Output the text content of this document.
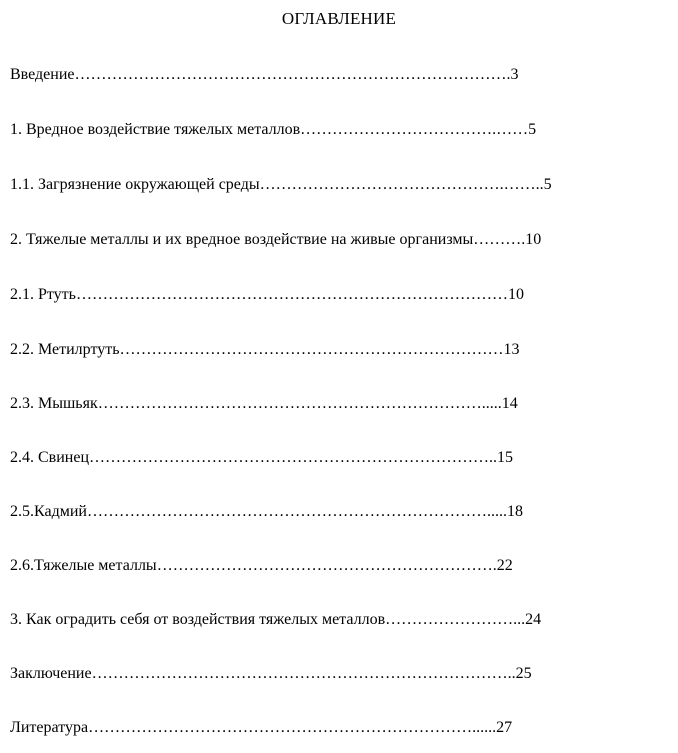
ОГЛАВЛЕНИЕ
Введение……………………………………………………………………….3
1. Вредное воздействие тяжелых металлов……………………………….……5
1.1. Загрязнение окружающей среды……………………………………….……..5
2. Тяжелые металлы и их вредное воздействие на живые организмы……….10
2.1. Ртуть………………………………………………………………………10
2.2. Метилртуть………………………………………………………………13
2.3. Мышьяк……………………………………………………………….....14
2.4. Свинец…………………………………………………………………..15
2.5.Кадмий………………………………………………………………….....18
2.6.Тяжелые металлы……………………………………………………….22
3. Как оградить себя от воздействия тяжелых металлов……………………...24
Заключение……………………………………………………………………..25
Литература………………………………………………………………......27
